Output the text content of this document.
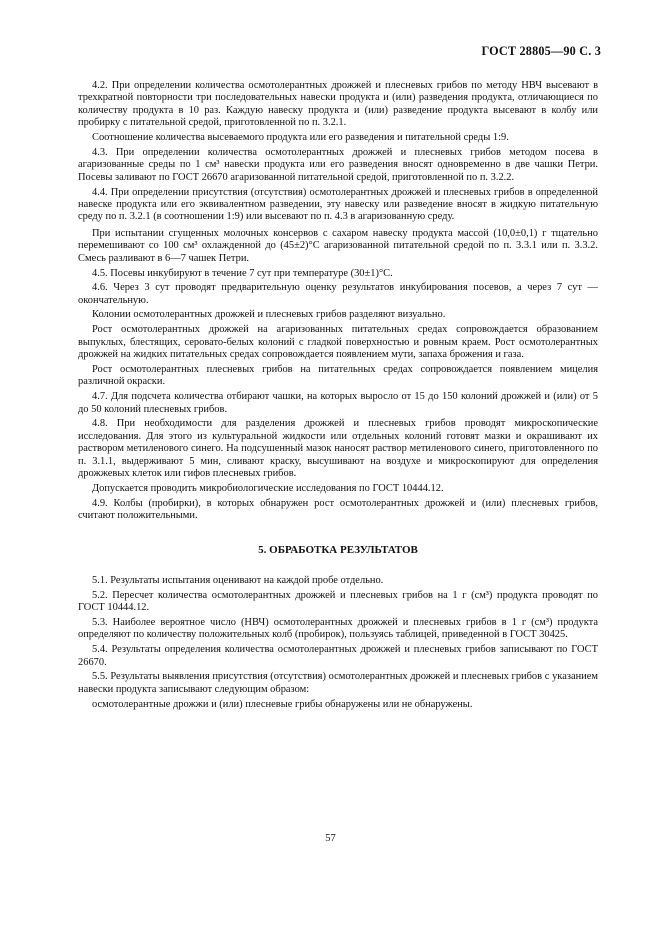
ГОСТ 28805—90 С. 3

4.2. При определении количества осмотолерантных дрожжей и плесневых грибов по методу НВЧ высевают в трехкратной повторности три последовательных навески продукта и (или) разведения продукта, отличающиеся по количеству продукта в 10 раз. Каждую навеску продукта и (или) разведение продукта высевают в колбу или пробирку с питательной средой, приготовленной по п. 3.2.1.

Соотношение количества высеваемого продукта или его разведения и питательной среды 1:9.

4.3. При определении количества осмотолерантных дрожжей и плесневых грибов методом посева в агаризованные среды по 1 см³ навески продукта или его разведения вносят одновременно в две чашки Петри. Посевы заливают по ГОСТ 26670 агаризованной питательной средой, приготовленной по п. 3.2.2.

4.4. При определении присутствия (отсутствия) осмотолерантных дрожжей и плесневых грибов в определенной навеске продукта или его эквивалентном разведении, эту навеску или разведение вносят в жидкую питательную среду по п. 3.2.1 (в соотношении 1:9) или высевают по п. 4.3 в агаризованную среду.

При испытании сгущенных молочных консервов с сахаром навеску продукта массой (10,0±0,1) г тщательно перемешивают со 100 см³ охлажденной до (45±2)°С агаризованной питательной средой по п. 3.3.1 или п. 3.3.2. Смесь разливают в 6—7 чашек Петри.

4.5. Посевы инкубируют в течение 7 сут при температуре (30±1)°С.

4.6. Через 3 сут проводят предварительную оценку результатов инкубирования посевов, а через 7 сут — окончательную.

Колонии осмотолерантных дрожжей и плесневых грибов разделяют визуально.

Рост осмотолерантных дрожжей на агаризованных питательных средах сопровождается образованием выпуклых, блестящих, серовато-белых колоний с гладкой поверхностью и ровным краем. Рост осмотолерантных дрожжей на жидких питательных средах сопровождается появлением мути, запаха брожения и газа.

Рост осмотолерантных плесневых грибов на питательных средах сопровождается появлением мицелия различной окраски.

4.7. Для подсчета количества отбирают чашки, на которых выросло от 15 до 150 колоний дрожжей и (или) от 5 до 50 колоний плесневых грибов.

4.8. При необходимости для разделения дрожжей и плесневых грибов проводят микроскопические исследования. Для этого из культуральной жидкости или отдельных колоний готовят мазки и окрашивают их раствором метиленового синего. На подсушенный мазок наносят раствор метиленового синего, приготовленного по п. 3.1.1, выдерживают 5 мин, сливают краску, высушивают на воздухе и микроскопируют для определения дрожжевых клеток или гифов плесневых грибов.

Допускается проводить микробиологические исследования по ГОСТ 10444.12.

4.9. Колбы (пробирки), в которых обнаружен рост осмотолерантных дрожжей и (или) плесневых грибов, считают положительными.

5. ОБРАБОТКА РЕЗУЛЬТАТОВ

5.1. Результаты испытания оценивают на каждой пробе отдельно.

5.2. Пересчет количества осмотолерантных дрожжей и плесневых грибов на 1 г (см³) продукта проводят по ГОСТ 10444.12.

5.3. Наиболее вероятное число (НВЧ) осмотолерантных дрожжей и плесневых грибов в 1 г (см³) продукта определяют по количеству положительных колб (пробирок), пользуясь таблицей, приведенной в ГОСТ 30425.

5.4. Результаты определения количества осмотолерантных дрожжей и плесневых грибов записывают по ГОСТ 26670.

5.5. Результаты выявления присутствия (отсутствия) осмотолерантных дрожжей и плесневых грибов с указанием навески продукта записывают следующим образом:

осмотолерантные дрожжи и (или) плесневые грибы обнаружены или не обнаружены.

57
